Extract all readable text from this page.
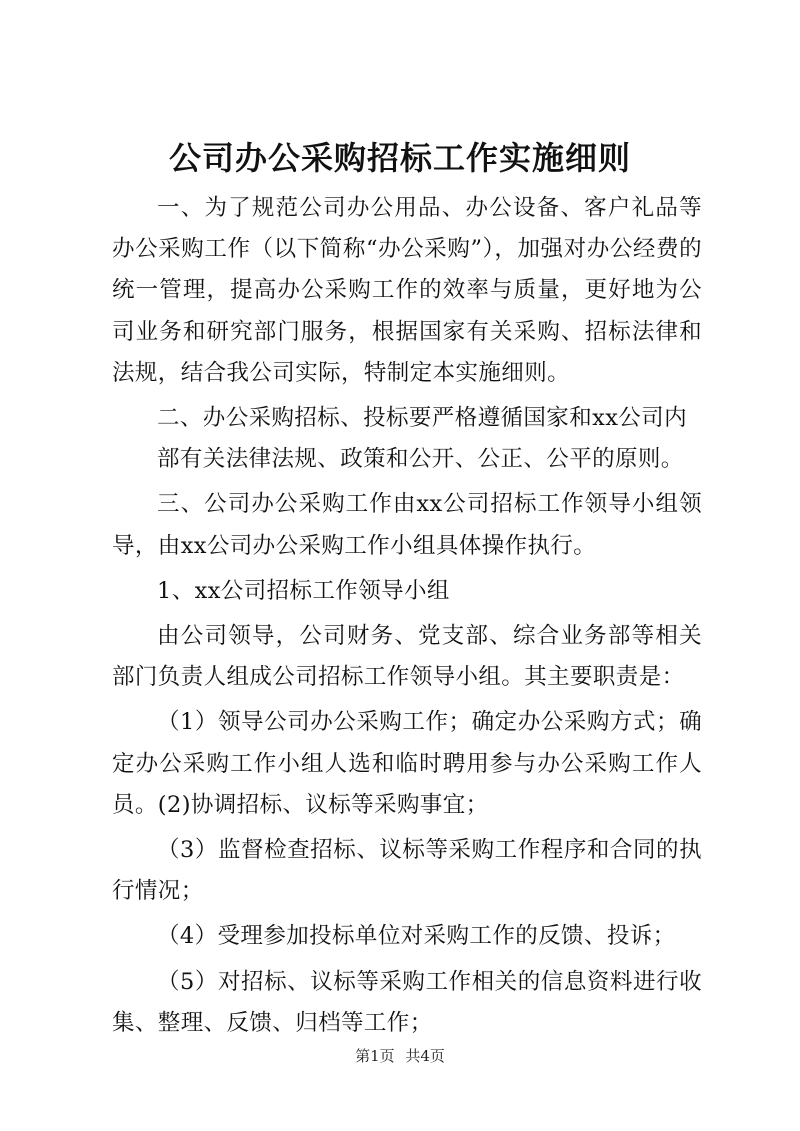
公司办公采购招标工作实施细则

一、为了规范公司办公用品、办公设备、客户礼品等办公采购工作（以下简称“办公采购”），加强对办公经费的统一管理，提高办公采购工作的效率与质量，更好地为公司业务和研究部门服务，根据国家有关采购、招标法律和法规，结合我公司实际，特制定本实施细则。

二、办公采购招标、投标要严格遵循国家和xx公司内

部有关法律法规、政策和公开、公正、公平的原则。

三、公司办公采购工作由xx公司招标工作领导小组领导，由xx公司办公采购工作小组具体操作执行。

1、xx公司招标工作领导小组

由公司领导，公司财务、党支部、综合业务部等相关部门负责人组成公司招标工作领导小组。其主要职责是：

（1）领导公司办公采购工作；确定办公采购方式；确定办公采购工作小组人选和临时聘用参与办公采购工作人员。(2)协调招标、议标等采购事宜；

（3）监督检查招标、议标等采购工作程序和合同的执行情况；

（4）受理参加投标单位对采购工作的反馈、投诉；

（5）对招标、议标等采购工作相关的信息资料进行收集、整理、反馈、归档等工作；

第1页 共4页
